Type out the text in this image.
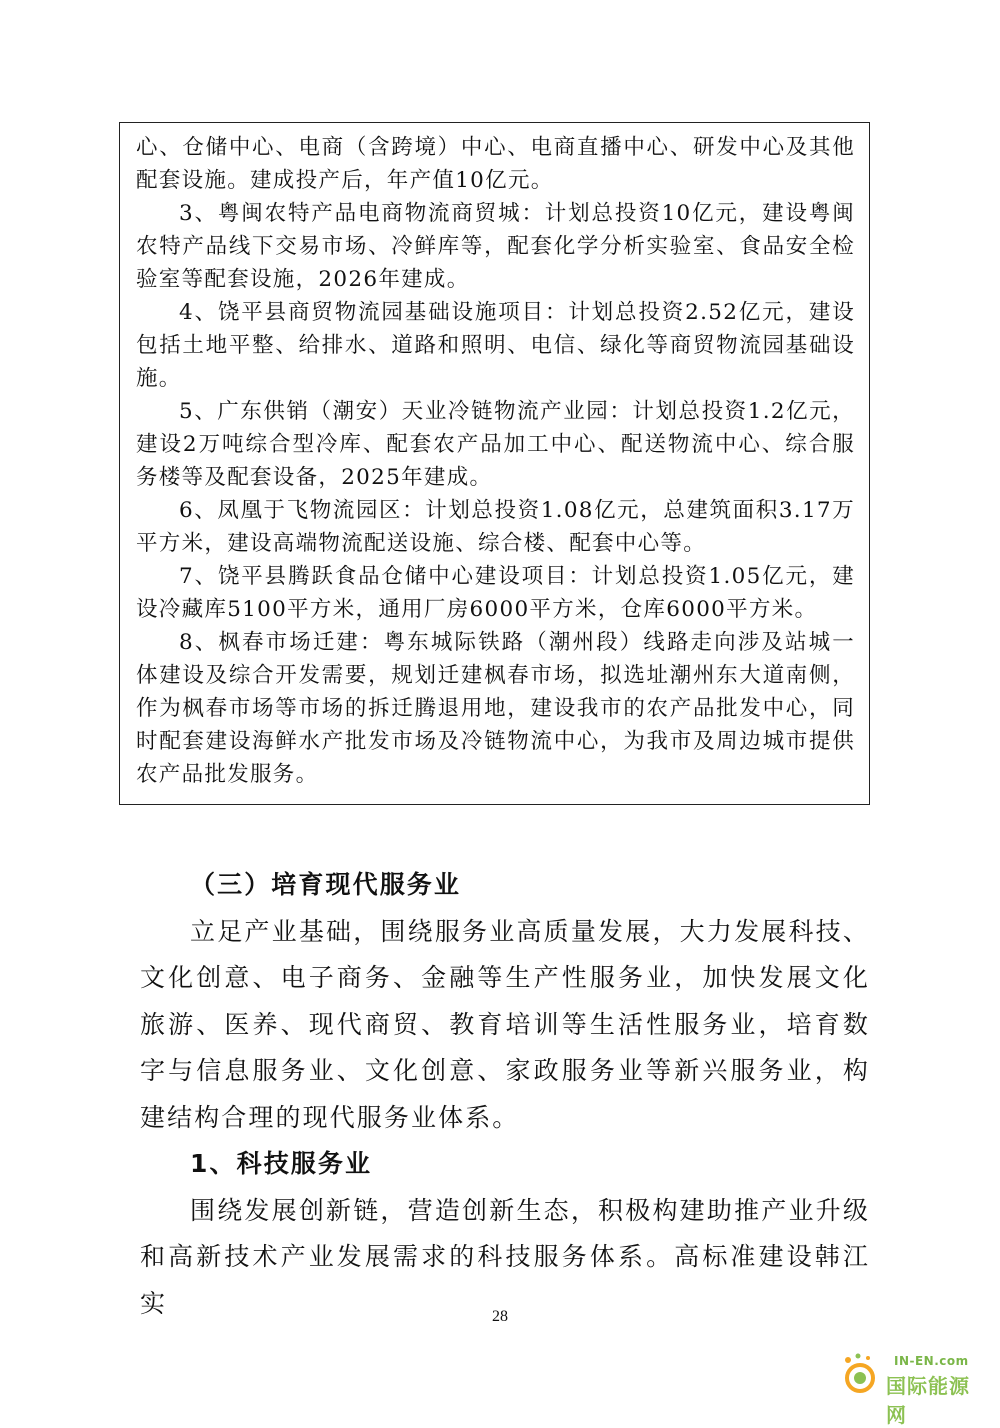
心、仓储中心、电商（含跨境）中心、电商直播中心、研发中心及其他配套设施。建成投产后，年产值10亿元。

3、粤闽农特产品电商物流商贸城：计划总投资10亿元，建设粤闽农特产品线下交易市场、冷鲜库等，配套化学分析实验室、食品安全检验室等配套设施，2026年建成。

4、饶平县商贸物流园基础设施项目：计划总投资2.52亿元，建设包括土地平整、给排水、道路和照明、电信、绿化等商贸物流园基础设施。

5、广东供销（潮安）天业冷链物流产业园：计划总投资1.2亿元，建设2万吨综合型冷库、配套农产品加工中心、配送物流中心、综合服务楼等及配套设备，2025年建成。

6、凤凰于飞物流园区：计划总投资1.08亿元，总建筑面积3.17万平方米，建设高端物流配送设施、综合楼、配套中心等。

7、饶平县腾跃食品仓储中心建设项目：计划总投资1.05亿元，建设冷藏库5100平方米，通用厂房6000平方米，仓库6000平方米。

8、枫春市场迁建：粤东城际铁路（潮州段）线路走向涉及站城一体建设及综合开发需要，规划迁建枫春市场，拟选址潮州东大道南侧，作为枫春市场等市场的拆迁腾退用地，建设我市的农产品批发中心，同时配套建设海鲜水产批发市场及冷链物流中心，为我市及周边城市提供农产品批发服务。

（三）培育现代服务业

立足产业基础，围绕服务业高质量发展，大力发展科技、文化创意、电子商务、金融等生产性服务业，加快发展文化旅游、医养、现代商贸、教育培训等生活性服务业，培育数字与信息服务业、文化创意、家政服务业等新兴服务业，构建结构合理的现代服务业体系。

1、科技服务业

围绕发展创新链，营造创新生态，积极构建助推产业升级和高新技术产业发展需求的科技服务体系。高标准建设韩江实	28
IN-EN.com
国际能源网
